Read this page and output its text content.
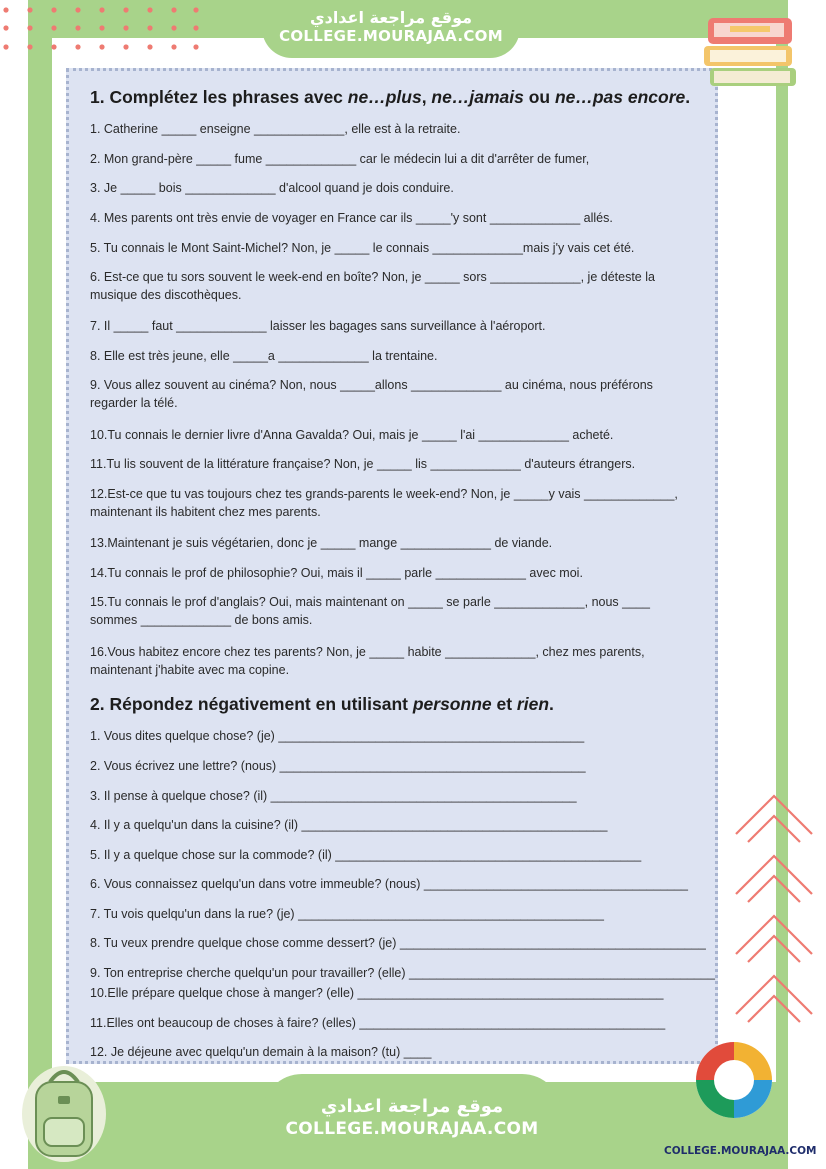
موقع مراجعة اعدادي
COLLEGE.MOURAJAA.COM
1. Complétez les phrases avec ne…plus, ne…jamais ou ne…pas encore.
1. Catherine _____ enseigne _____________, elle est à la retraite.
2. Mon grand-père _____ fume _____________ car le médecin lui a dit d'arrêter de fumer,
3. Je _____ bois _____________ d'alcool quand je dois conduire.
4. Mes parents ont très envie de voyager en France car ils _____'y sont _____________ allés.
5. Tu connais le Mont Saint-Michel? Non, je _____ le connais _____________mais j'y vais cet été.
6. Est-ce que tu sors souvent le week-end en boîte? Non, je _____ sors _____________, je déteste la musique des discothèques.
7. Il _____ faut _____________ laisser les bagages sans surveillance à l'aéroport.
8. Elle est très jeune, elle _____a _____________ la trentaine.
9. Vous allez souvent au cinéma? Non, nous _____allons _____________ au cinéma, nous préférons regarder la télé.
10.Tu connais le dernier livre d'Anna Gavalda? Oui, mais je _____ l'ai _____________ acheté.
11.Tu lis souvent de la littérature française? Non, je _____ lis _____________ d'auteurs étrangers.
12.Est-ce que tu vas toujours chez tes grands-parents le week-end? Non, je _____y vais _____________, maintenant ils habitent chez mes parents.
13.Maintenant je suis végétarien, donc je _____ mange _____________ de viande.
14.Tu connais le prof de philosophie? Oui, mais il _____ parle _____________ avec moi.
15.Tu connais le prof d'anglais? Oui, mais maintenant on _____ se parle _____________, nous ____ sommes _____________ de bons amis.
16.Vous habitez encore chez tes parents? Non, je _____ habite _____________, chez mes parents, maintenant j'habite avec ma copine.
2. Répondez négativement en utilisant personne et rien.
1. Vous dites quelque chose? (je) ____________________________________________
2. Vous écrivez une lettre? (nous) ____________________________________________
3. Il pense à quelque chose? (il) ____________________________________________
4. Il y a quelqu'un dans la cuisine? (il) ____________________________________________
5. Il y a quelque chose sur la commode? (il) ____________________________________________
6. Vous connaissez quelqu'un dans votre immeuble? (nous) ______________________________________
7. Tu vois quelqu'un dans la rue? (je) ____________________________________________
8. Tu veux prendre quelque chose comme dessert? (je) ____________________________________________
9. Ton entreprise cherche quelqu'un pour travailler? (elle) ____________________________________________
10.Elle prépare quelque chose à manger? (elle) ____________________________________________
11.Elles ont beaucoup de choses à faire? (elles) ____________________________________________
12. Je déjeune avec quelqu'un demain à la maison? (tu) ____
موقع مراجعة اعدادي
COLLEGE.MOURAJAA.COM
COLLEGE.MOURAJAA.COM
